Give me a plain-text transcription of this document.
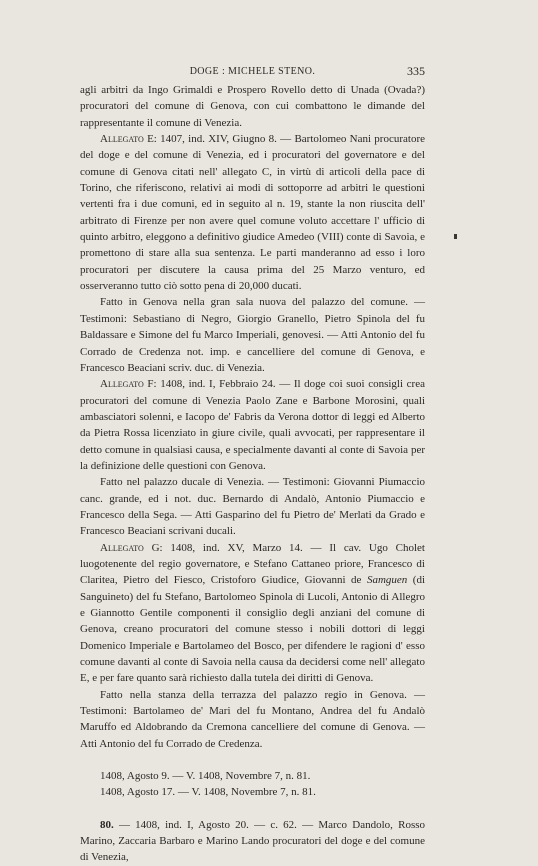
DOGE : MICHELE STENO.	335

agli arbitri da Ingo Grimaldi e Prospero Rovello detto di Unada (Ovada?) procuratori del comune di Genova, con cui combattono le dimande del rappresentante il comune di Venezia.

Allegato E: 1407, ind. XIV, Giugno 8. — Bartolomeo Nani procuratore del doge e del comune di Venezia, ed i procuratori del governatore e del comune di Genova citati nell' allegato C, in virtù di articoli della pace di Torino, che riferiscono, relativi ai modi di sottoporre ad arbitri le questioni vertenti fra i due comuni, ed in seguito al n. 19, stante la non riuscita dell' arbitrato di Firenze per non avere quel comune voluto accettare l' ufficio di quinto arbitro, eleggono a definitivo giudice Amedeo (VIII) conte di Savoia, e promettono di stare alla sua sentenza. Le parti manderanno ad esso i loro procuratori per discutere la causa prima del 25 Marzo venturo, ed osserveranno tutto ciò sotto pena di 20,000 ducati.

Fatto in Genova nella gran sala nuova del palazzo del comune. — Testimoni: Sebastiano di Negro, Giorgio Granello, Pietro Spinola del fu Baldassare e Simone del fu Marco Imperiali, genovesi. — Atti Antonio del fu Corrado de Credenza not. imp. e cancelliere del comune di Genova, e Francesco Beaciani scriv. duc. di Venezia.

Allegato F: 1408, ind. I, Febbraio 24. — Il doge coi suoi consigli crea procuratori del comune di Venezia Paolo Zane e Barbone Morosini, quali ambasciatori solenni, e Iacopo de' Fabris da Verona dottor di leggi ed Alberto da Pietra Rossa licenziato in giure civile, quali avvocati, per rappresentare il detto comune in qualsiasi causa, e specialmente davanti al conte di Savoia per la definizione delle questioni con Genova.

Fatto nel palazzo ducale di Venezia. — Testimoni: Giovanni Piumaccio canc. grande, ed i not. duc. Bernardo di Andalò, Antonio Piumaccio e Francesco della Sega. — Atti Gasparino del fu Pietro de' Merlati da Grado e Francesco Beaciani scrivani ducali.

Allegato G: 1408, ind. XV, Marzo 14. — Il cav. Ugo Cholet luogotenente del regio governatore, e Stefano Cattaneo priore, Francesco di Claritea, Pietro del Fiesco, Cristoforo Giudice, Giovanni de Samguen (di Sanguineto) del fu Stefano, Bartolomeo Spinola di Lucoli, Antonio di Allegro e Giannotto Gentile componenti il consiglio degli anziani del comune di Genova, creano procuratori del comune stesso i nobili dottori di leggi Domenico Imperiale e Bartolameo del Bosco, per difendere le ragioni d' esso comune davanti al conte di Savoia nella causa da decidersi come nell' allegato E, e per fare quanto sarà richiesto dalla tutela dei diritti di Genova.

Fatto nella stanza della terrazza del palazzo regio in Genova. — Testimoni: Bartolameo de' Mari del fu Montano, Andrea del fu Andalò Maruffo ed Aldobrando da Cremona cancelliere del comune di Genova. — Atti Antonio del fu Corrado de Credenza.

1408, Agosto 9. — V. 1408, Novembre 7, n. 81.

1408, Agosto 17. — V. 1408, Novembre 7, n. 81.

80. — 1408, ind. I, Agosto 20. — c. 62. — Marco Dandolo, Rosso Marino, Zaccaria Barbaro e Marino Lando procuratori del doge e del comune di Venezia,
